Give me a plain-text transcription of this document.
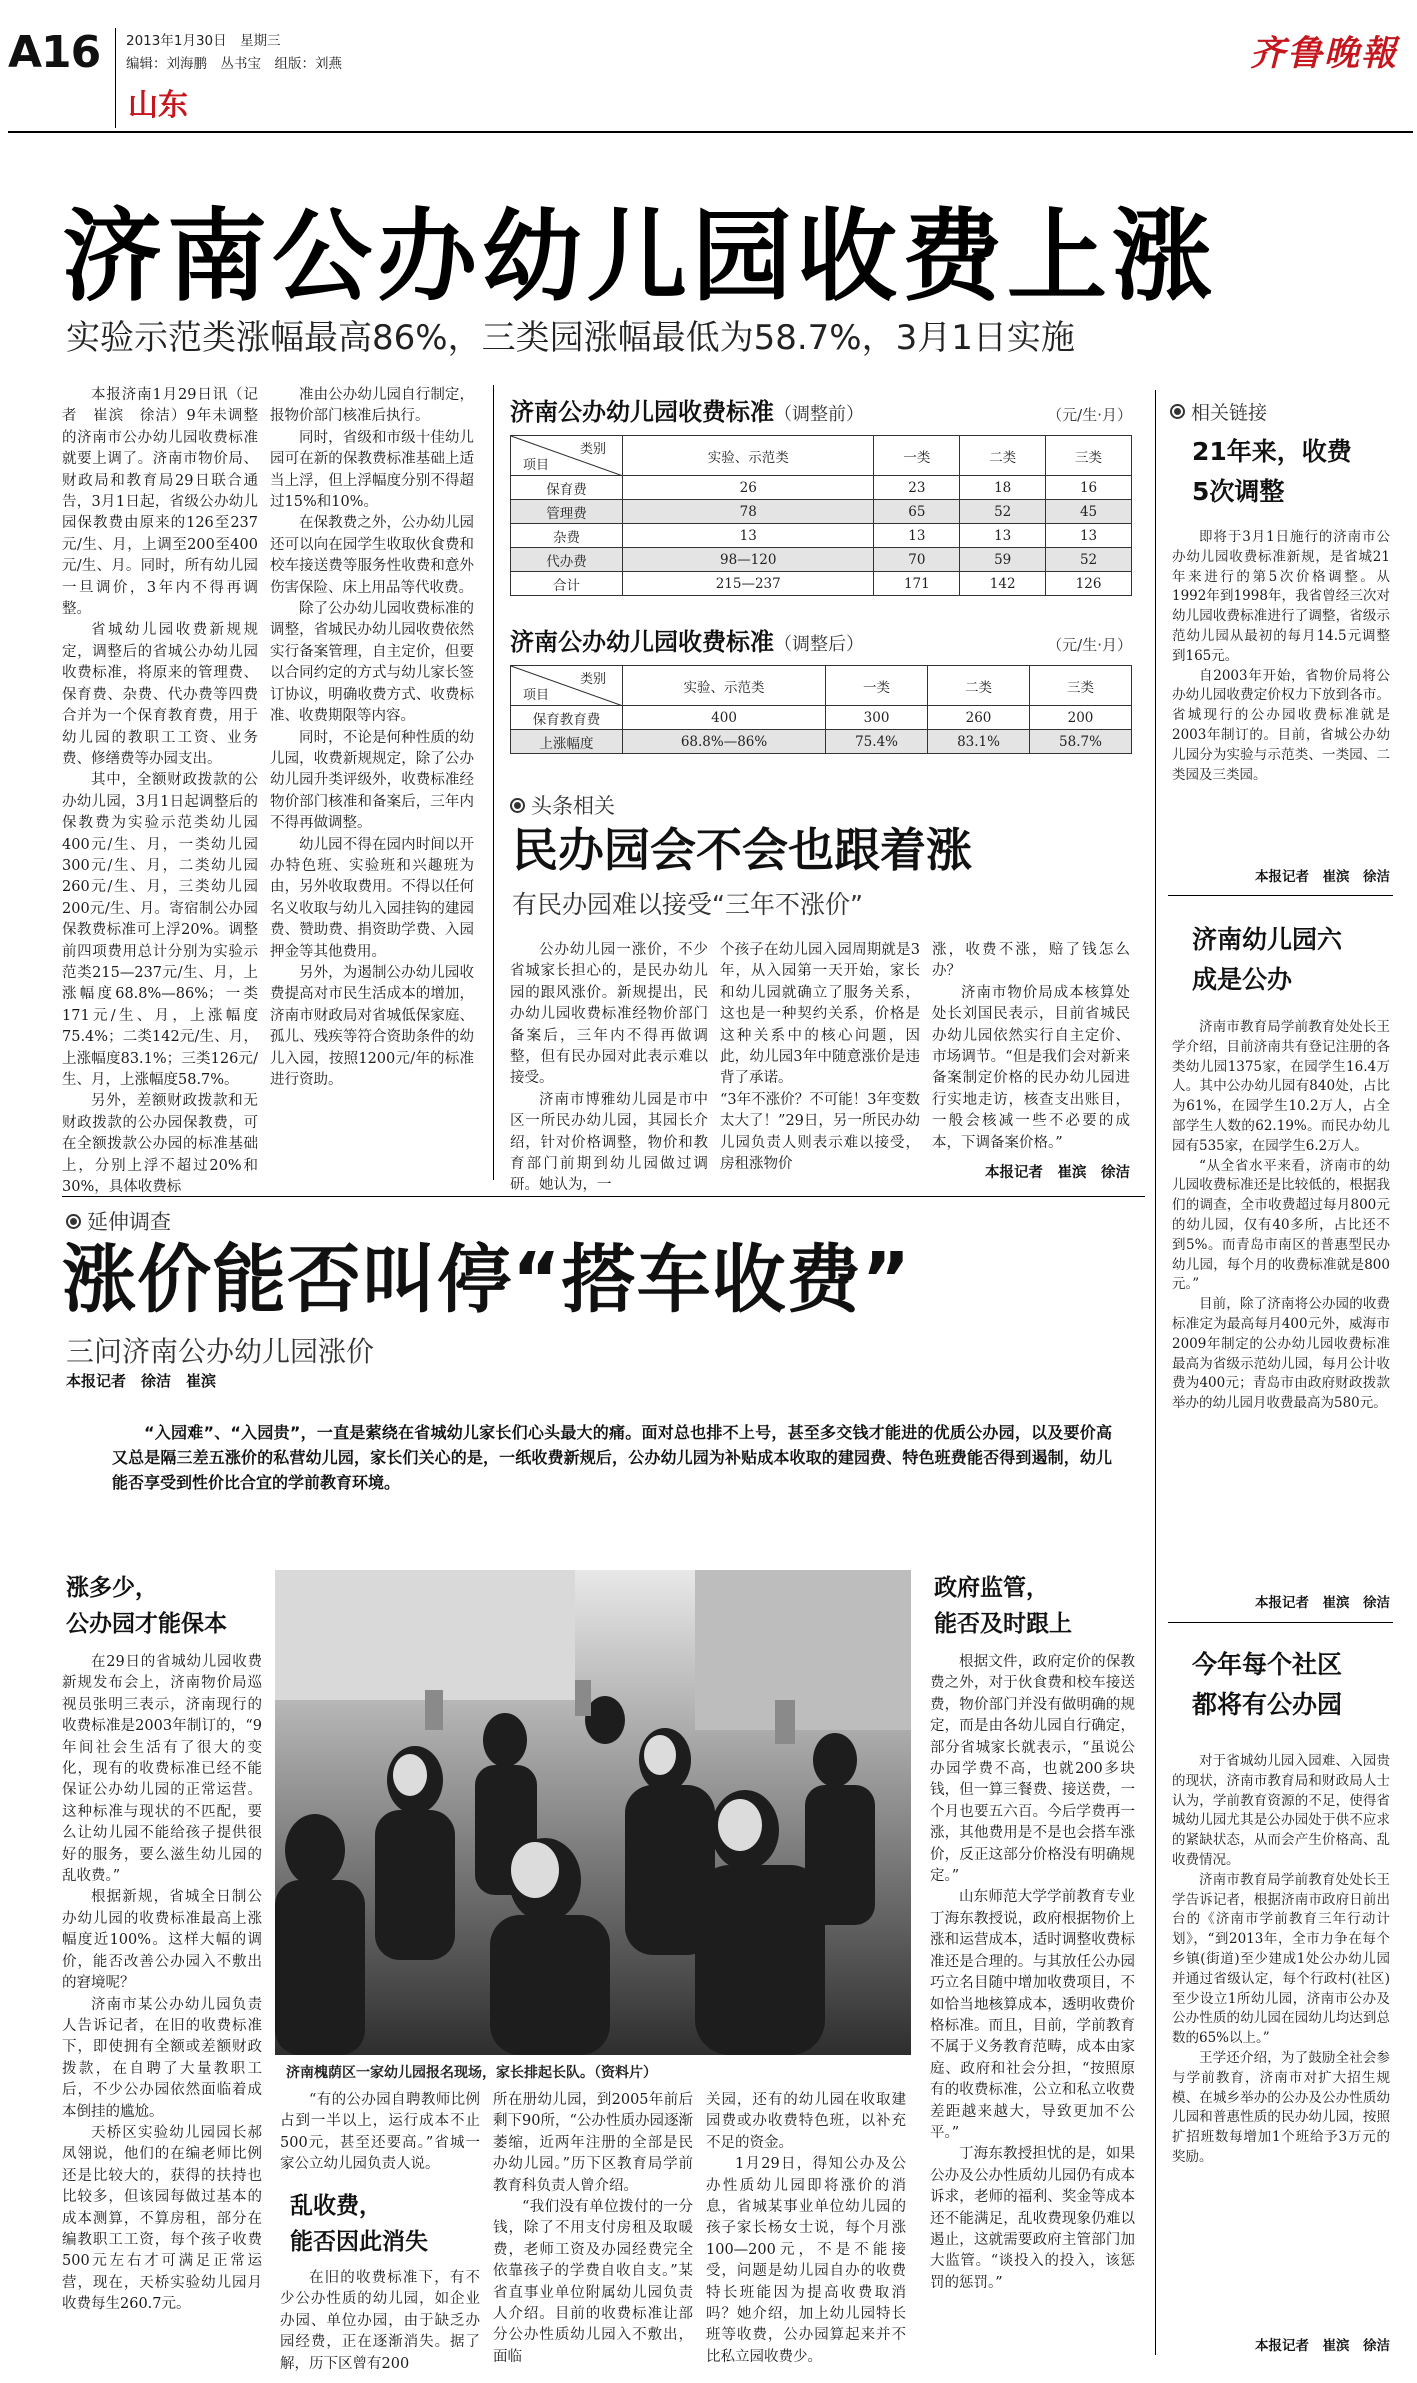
A16 2013年1月30日　星期三
编辑：刘海鹏　丛书宝　组版：刘燕
山东
齐鲁晚報
济南公办幼儿园收费上涨
实验示范类涨幅最高86%，三类园涨幅最低为58.7%，3月1日实施

本报济南1月29日讯（记者　崔滨　徐洁）9年未调整的济南市公办幼儿园收费标准就要上调了。济南市物价局、财政局和教育局29日联合通告，3月1日起，省级公办幼儿园保教费由原来的126至237元/生、月，上调至200至400元/生、月。同时，所有幼儿园一旦调价，3年内不得再调整。

省城幼儿园收费新规规定，调整后的省城公办幼儿园收费标准，将原来的管理费、保育费、杂费、代办费等四费合并为一个保育教育费，用于幼儿园的教职工工资、业务费、修缮费等办园支出。

其中，全额财政拨款的公办幼儿园，3月1日起调整后的保教费为实验示范类幼儿园400元/生、月，一类幼儿园300元/生、月，二类幼儿园260元/生、月，三类幼儿园200元/生、月。寄宿制公办园保教费标准可上浮20%。调整前四项费用总计分别为实验示范类215—237元/生、月，上涨幅度68.8%—86%；一类171元/生、月，上涨幅度75.4%；二类142元/生、月，上涨幅度83.1%；三类126元/生、月，上涨幅度58.7%。

另外，差额财政拨款和无财政拨款的公办园保教费，可在全额拨款公办园的标准基础上，分别上浮不超过20%和30%，具体收费标

准由公办幼儿园自行制定，报物价部门核准后执行。

同时，省级和市级十佳幼儿园可在新的保教费标准基础上适当上浮，但上浮幅度分别不得超过15%和10%。

在保教费之外，公办幼儿园还可以向在园学生收取伙食费和校车接送费等服务性收费和意外伤害保险、床上用品等代收费。

除了公办幼儿园收费标准的调整，省城民办幼儿园收费依然实行备案管理，自主定价，但要以合同约定的方式与幼儿家长签订协议，明确收费方式、收费标准、收费期限等内容。

同时，不论是何种性质的幼儿园，收费新规规定，除了公办幼儿园升类评级外，收费标准经物价部门核准和备案后，三年内不得再做调整。

幼儿园不得在园内时间以开办特色班、实验班和兴趣班为由，另外收取费用。不得以任何名义收取与幼儿入园挂钩的建园费、赞助费、捐资助学费、入园押金等其他费用。

另外，为遏制公办幼儿园收费提高对市民生活成本的增加，济南市财政局对省城低保家庭、孤儿、残疾等符合资助条件的幼儿入园，按照1200元/年的标准进行资助。

济南公办幼儿园收费标准 （调整前）	（元/生·月）
类别
项目	实验、示范类	一类	二类	三类
保育费	26	23	18	16
管理费	78	65	52	45
杂费	13	13	13	13
代办费	98—120	70	59	52
合计	215—237	171	142	126
济南公办幼儿园收费标准 （调整后）	（元/生·月）
类别
项目	实验、示范类	一类	二类	三类
保育教育费	400	300	260	200
上涨幅度	68.8%—86%	75.4%	83.1%	58.7%
头条相关
民办园会不会也跟着涨
有民办园难以接受“三年不涨价”

公办幼儿园一涨价，不少省城家长担心的，是民办幼儿园的跟风涨价。新规提出，民办幼儿园收费标准经物价部门备案后，三年内不得再做调整，但有民办园对此表示难以接受。

济南市博雅幼儿园是市中区一所民办幼儿园，其园长介绍，针对价格调整，物价和教育部门前期到幼儿园做过调研。她认为，一

个孩子在幼儿园入园周期就是3年，从入园第一天开始，家长和幼儿园就确立了服务关系，这也是一种契约关系，价格是这种关系中的核心问题，因此，幼儿园3年中随意涨价是违背了承诺。

“3年不涨价？不可能！3年变数太大了！”29日，另一所民办幼儿园负责人则表示难以接受，房租涨物价

涨，收费不涨，赔了钱怎么办？

济南市物价局成本核算处处长刘国民表示，目前省城民办幼儿园依然实行自主定价、市场调节。“但是我们会对新来备案制定价格的民办幼儿园进行实地走访，核查支出账目，一般会核减一些不必要的成本，下调备案价格。”

本报记者　崔滨　徐洁
相关链接
21年来，收费5次调整

即将于3月1日施行的济南市公办幼儿园收费标准新规，是省城21年来进行的第5次价格调整。从1992年到1998年，我省曾经三次对幼儿园收费标准进行了调整，省级示范幼儿园从最初的每月14.5元调整到165元。

自2003年开始，省物价局将公办幼儿园收费定价权力下放到各市。省城现行的公办园收费标准就是2003年制订的。目前，省城公办幼儿园分为实验与示范类、一类园、二类园及三类园。

本报记者　崔滨　徐洁
济南幼儿园六成是公办

济南市教育局学前教育处处长王学介绍，目前济南共有登记注册的各类幼儿园1375家，在园学生16.4万人。其中公办幼儿园有840处，占比为61%，在园学生10.2万人，占全部学生人数的62.19%。而民办幼儿园有535家，在园学生6.2万人。

“从全省水平来看，济南市的幼儿园收费标准还是比较低的，根据我们的调查，全市收费超过每月800元的幼儿园，仅有40多所，占比还不到5%。而青岛市南区的普惠型民办幼儿园，每个月的收费标准就是800元。”

目前，除了济南将公办园的收费标准定为最高每月400元外，威海市2009年制定的公办幼儿园收费标准最高为省级示范幼儿园，每月公计收费为400元；青岛市由政府财政拨款举办的幼儿园月收费最高为580元。

本报记者　崔滨　徐洁
今年每个社区都将有公办园

对于省城幼儿园入园难、入园贵的现状，济南市教育局和财政局人士认为，学前教育资源的不足，使得省城幼儿园尤其是公办园处于供不应求的紧缺状态，从而会产生价格高、乱收费情况。

济南市教育局学前教育处处长王学告诉记者，根据济南市政府日前出台的《济南市学前教育三年行动计划》，“到2013年，全市力争在每个乡镇(街道)至少建成1处公办幼儿园并通过省级认定，每个行政村(社区)至少设立1所幼儿园，济南市公办及公办性质的幼儿园在园幼儿均达到总数的65%以上。”

王学还介绍，为了鼓励全社会参与学前教育，济南市对扩大招生规模、在城乡举办的公办及公办性质幼儿园和普惠性质的民办幼儿园，按照扩招班数每增加1个班给予3万元的奖励。

本报记者　崔滨　徐洁
延伸调查
涨价能否叫停“搭车收费”
三问济南公办幼儿园涨价
本报记者　徐洁　崔滨
“入园难”、“入园贵”，一直是萦绕在省城幼儿家长们心头最大的痛。面对总也排不上号，甚至多交钱才能进的优质公办园，以及要价高又总是隔三差五涨价的私营幼儿园，家长们关心的是，一纸收费新规后，公办幼儿园为补贴成本收取的建园费、特色班费能否得到遏制，幼儿能否享受到性价比合宜的学前教育环境。
涨多少，
公办园才能保本

在29日的省城幼儿园收费新规发布会上，济南物价局巡视员张明三表示，济南现行的收费标准是2003年制订的，“9年间社会生活有了很大的变化，现有的收费标准已经不能保证公办幼儿园的正常运营。这种标准与现状的不匹配，要么让幼儿园不能给孩子提供很好的服务，要么滋生幼儿园的乱收费。”

根据新规，省城全日制公办幼儿园的收费标准最高上涨幅度近100%。这样大幅的调价，能否改善公办园入不敷出的窘境呢？

济南市某公办幼儿园负责人告诉记者，在旧的收费标准下，即使拥有全额或差额财政拨款，在自聘了大量教职工后，不少公办园依然面临着成本倒挂的尴尬。

天桥区实验幼儿园园长郝凤翎说，他们的在编老师比例还是比较大的，获得的扶持也比较多，但该园每做过基本的成本测算，不算房租，部分在编教职工工资，每个孩子收费500元左右才可满足正常运营，现在，天桥实验幼儿园月收费每生260.7元。

济南槐荫区一家幼儿园报名现场，家长排起长队。（资料片）

“有的公办园自聘教师比例占到一半以上，运行成本不止500元，甚至还要高。”省城一家公立幼儿园负责人说。

乱收费，
能否因此消失

在旧的收费标准下，有不少公办性质的幼儿园，如企业办园、单位办园，由于缺乏办园经费，正在逐渐消失。据了解，历下区曾有200

所在册幼儿园，到2005年前后剩下90所，“公办性质办园逐渐萎缩，近两年注册的全部是民办幼儿园。”历下区教育局学前教育科负责人曾介绍。

“我们没有单位拨付的一分钱，除了不用支付房租及取暖费，老师工资及办园经费完全依靠孩子的学费自收自支。”某省直事业单位附属幼儿园负责人介绍。目前的收费标准让部分公办性质幼儿园入不敷出，面临

关园，还有的幼儿园在收取建园费或办收费特色班，以补充不足的资金。

1月29日，得知公办及公办性质幼儿园即将涨价的消息，省城某事业单位幼儿园的孩子家长杨女士说，每个月涨100—200元，不是不能接受，问题是幼儿园自办的收费特长班能因为提高收费取消吗？她介绍，加上幼儿园特长班等收费，公办园算起来并不比私立园收费少。

政府监管，
能否及时跟上

根据文件，政府定价的保教费之外，对于伙食费和校车接送费，物价部门并没有做明确的规定，而是由各幼儿园自行确定，部分省城家长就表示，“虽说公办园学费不高，也就200多块钱，但一算三餐费、接送费，一个月也要五六百。今后学费再一涨，其他费用是不是也会搭车涨价，反正这部分价格没有明确规定。”

山东师范大学学前教育专业丁海东教授说，政府根据物价上涨和运营成本，适时调整收费标准还是合理的。与其放任公办园巧立名目随中增加收费项目，不如恰当地核算成本，透明收费价格标准。而且，目前，学前教育不属于义务教育范畴，成本由家庭、政府和社会分担，“按照原有的收费标准，公立和私立收费差距越来越大，导致更加不公平。”

丁海东教授担忧的是，如果公办及公办性质幼儿园仍有成本诉求，老师的福利、奖金等成本还不能满足，乱收费现象仍难以遏止，这就需要政府主管部门加大监管。“谈投入的投入，该惩罚的惩罚。”
